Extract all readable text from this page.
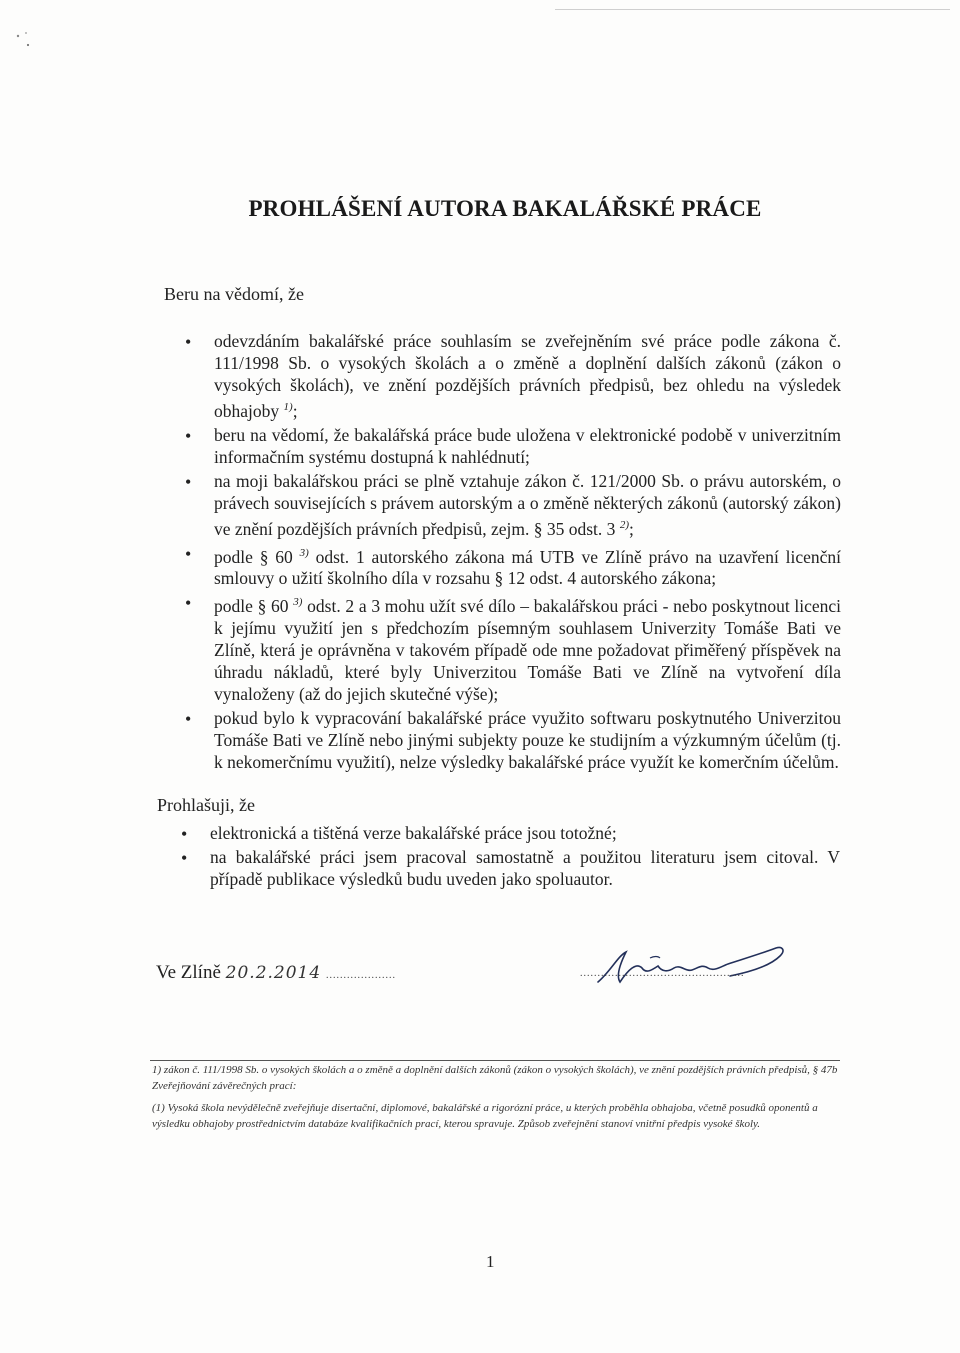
PROHLÁŠENÍ AUTORA BAKALÁŘSKÉ PRÁCE
Beru na vědomí, že
• odevzdáním bakalářské práce souhlasím se zveřejněním své práce podle zákona č. 111/1998 Sb. o vysokých školách a o změně a doplnění dalších zákonů (zákon o vysokých školách), ve znění pozdějších právních předpisů, bez ohledu na výsledek obhajoby $^{1)}$;
• beru na vědomí, že bakalářská práce bude uložena v elektronické podobě v univerzitním informačním systému dostupná k nahlédnutí;
• na moji bakalářskou práci se plně vztahuje zákon č. 121/2000 Sb. o právu autorském, o právech souvisejících s právem autorským a o změně některých zákonů (autorský zákon) ve znění pozdějších právních předpisů, zejm. § 35 odst. 3 $^{2)}$;
• podle § 60 $^{3)}$ odst. 1 autorského zákona má UTB ve Zlíně právo na uzavření licenční smlouvy o užití školního díla v rozsahu § 12 odst. 4 autorského zákona;
• podle § 60 $^{3)}$ odst. 2 a 3 mohu užít své dílo – bakalářskou práci - nebo poskytnout licenci k jejímu využití jen s předchozím písemným souhlasem Univerzity Tomáše Bati ve Zlíně, která je oprávněna v takovém případě ode mne požadovat přiměřený příspěvek na úhradu nákladů, které byly Univerzitou Tomáše Bati ve Zlíně na vytvoření díla vynaloženy (až do jejich skutečné výše);
• pokud bylo k vypracování bakalářské práce využito softwaru poskytnutého Univerzitou Tomáše Bati ve Zlíně nebo jinými subjekty pouze ke studijním a výzkumným účelům (tj. k nekomerčnímu využití), nelze výsledky bakalářské práce využít ke komerčním účelům.
Prohlašuji, že
• elektronická a tištěná verze bakalářské práce jsou totožné;
• na bakalářské práci jsem pracoval samostatně a použitou literaturu jsem citoval. V případě publikace výsledků budu uveden jako spoluautor.
Ve Zlíně 20.2.2014 ....................	...............................................

1) zákon č. 111/1998 Sb. o vysokých školách a o změně a doplnění dalších zákonů (zákon o vysokých školách), ve znění pozdějších právních předpisů, § 47b Zveřejňování závěrečných prací:

(1) Vysoká škola nevýdělečně zveřejňuje disertační, diplomové, bakalářské a rigorózní práce, u kterých proběhla obhajoba, včetně posudků oponentů a výsledku obhajoby prostřednictvím databáze kvalifikačních prací, kterou spravuje. Způsob zveřejnění stanoví vnitřní předpis vysoké školy.

1
